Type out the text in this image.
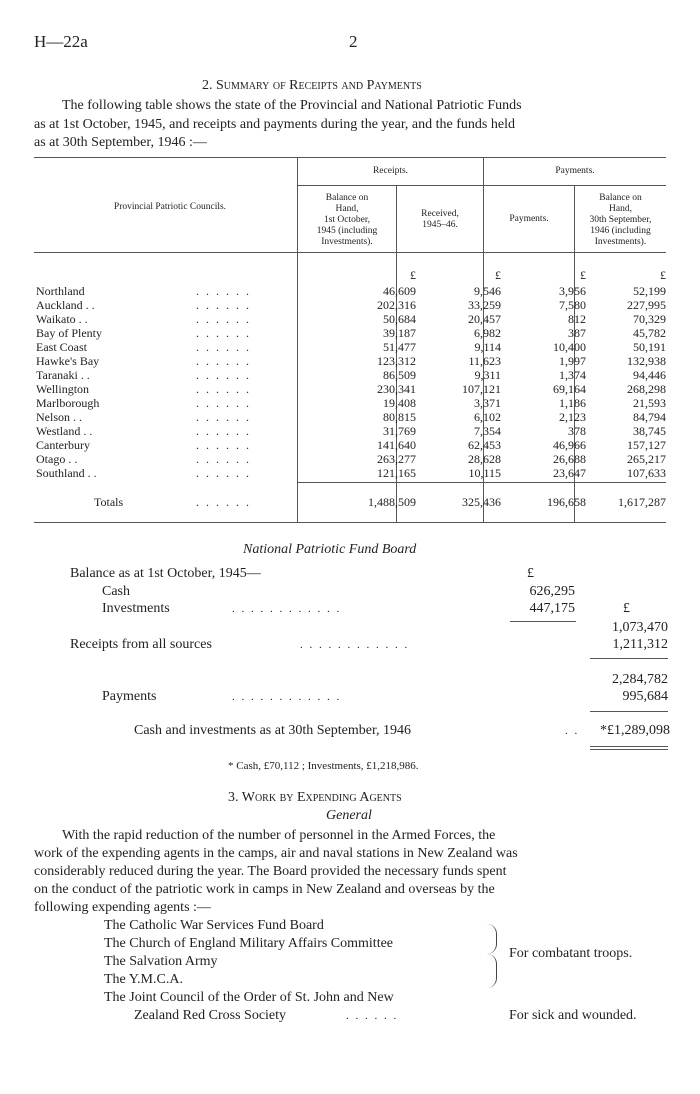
H—22a	2
2. Summary of Receipts and Payments
The following table shows the state of the Provincial and National Patriotic Funds
as at 1st October, 1945, and receipts and payments during the year, and the funds held
as at 30th September, 1946 :—
Receipts.	Payments.
Provincial Patriotic Councils.
Balance on
Hand,
1st October,
1945 (including
Investments).
Received,
1945–46.
Payments.
Balance on
Hand,
30th September,
1946 (including
Investments).
£	£	£	£
Northland	. . . . . .	46,609	9,546	3,956	52,199
Auckland . .	. . . . . .	202,316	33,259	7,580	227,995
Waikato . .	. . . . . .	50,684	20,457	812	70,329
Bay of Plenty	. . . . . .	39,187	6,982	387	45,782
East Coast	. . . . . .	51,477	9,114	10,400	50,191
Hawke's Bay	. . . . . .	123,312	11,623	1,997	132,938
Taranaki . .	. . . . . .	86,509	9,311	1,374	94,446
Wellington	. . . . . .	230,341	107,121	69,164	268,298
Marlborough	. . . . . .	19,408	3,371	1,186	21,593
Nelson . .	. . . . . .	80,815	6,102	2,123	84,794
Westland . .	. . . . . .	31,769	7,354	378	38,745
Canterbury	. . . . . .	141,640	62,453	46,966	157,127
Otago . .	. . . . . .	263,277	28,628	26,688	265,217
Southland . .	. . . . . .	121,165	10,115	23,647	107,633
Totals	. . . . . .	1,488,509	325,436	196,658	1,617,287
National Patriotic Fund Board
Balance as at 1st October, 1945—	£
Cash	626,295
Investments	. . . . . . . . . . . .	447,175	£
1,073,470
Receipts from all sources	. . . . . . . . . . . .	1,211,312
2,284,782
Payments	. . . . . . . . . . . .	995,684
Cash and investments as at 30th September, 1946	. .	*£1,289,098
* Cash, £70,112 ; Investments, £1,218,986.
3. Work by Expending Agents
General
With the rapid reduction of the number of personnel in the Armed Forces, the
work of the expending agents in the camps, air and naval stations in New Zealand was
considerably reduced during the year. The Board provided the necessary funds spent
on the conduct of the patriotic work in camps in New Zealand and overseas by the
following expending agents :—
The Catholic War Services Fund Board
The Church of England Military Affairs Committee
The Salvation Army
The Y.M.C.A.
The Joint Council of the Order of St. John and New
Zealand Red Cross Society	. . . . . .
For combatant troops.
For sick and wounded.
